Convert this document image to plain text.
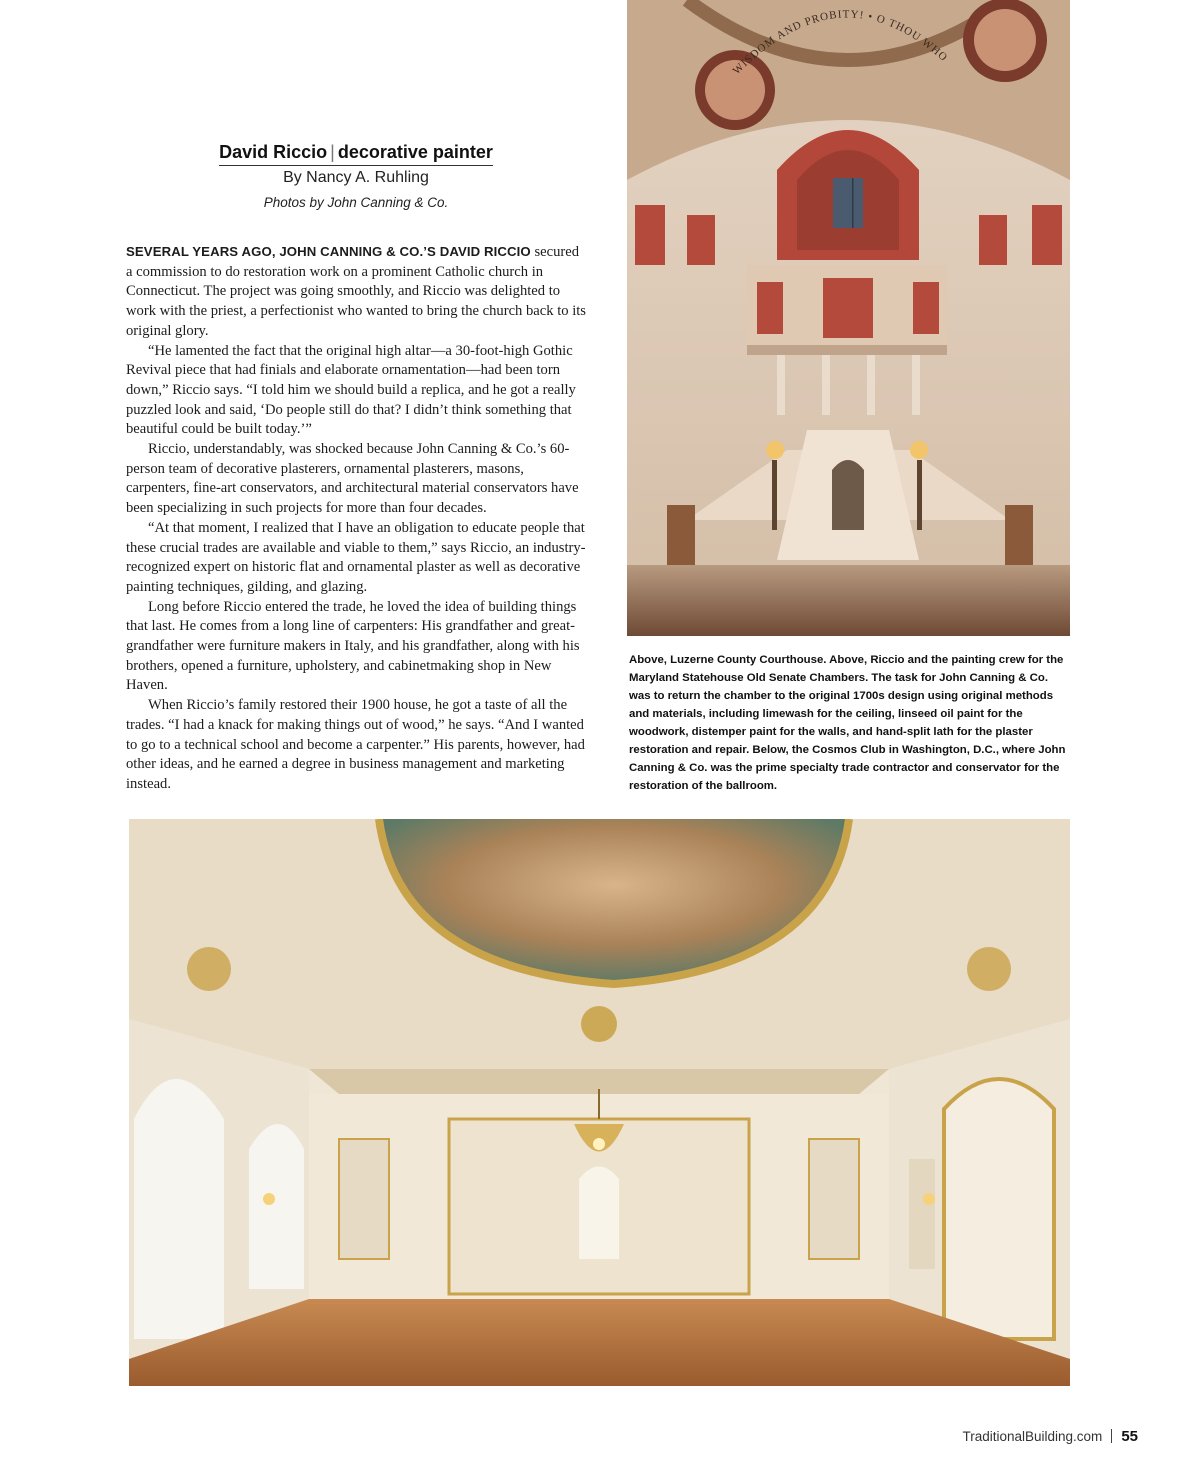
David Riccio | decorative painter
By Nancy A. Ruhling
Photos by John Canning & Co.

SEVERAL YEARS AGO, JOHN CANNING & CO.’S DAVID RICCIO secured a commission to do restoration work on a prominent Catholic church in Connecticut. The project was going smoothly, and Riccio was delighted to work with the priest, a perfectionist who wanted to bring the church back to its original glory.

“He lamented the fact that the original high altar—a 30-foot-high Gothic Revival piece that had finials and elaborate ornamentation—had been torn down,” Riccio says. “I told him we should build a replica, and he got a really puzzled look and said, ‘Do people still do that? I didn’t think something that beautiful could be built today.’”

Riccio, understandably, was shocked because John Canning & Co.’s 60-person team of decorative plasterers, ornamental plasterers, masons, carpenters, fine-art conservators, and architectural material conservators have been specializing in such projects for more than four decades.

“At that moment, I realized that I have an obligation to educate people that these crucial trades are available and viable to them,” says Riccio, an industry-recognized expert on historic flat and ornamental plaster as well as decorative painting techniques, gilding, and glazing.

Long before Riccio entered the trade, he loved the idea of building things that last. He comes from a long line of carpenters: His grandfather and great-grandfather were furniture makers in Italy, and his grandfather, along with his brothers, opened a furniture, upholstery, and cabinetmaking shop in New Haven.

When Riccio’s family restored their 1900 house, he got a taste of all the trades. “I had a knack for making things out of wood,” he says. “And I wanted to go to a technical school and become a carpenter.” His parents, however, had other ideas, and he earned a degree in business management and marketing instead.

WISDOM AND PROBITY! • O THOU WHO
Above, Luzerne County Courthouse. Above, Riccio and the painting crew for the Maryland Statehouse Old Senate Chambers. The task for John Canning & Co. was to return the chamber to the original 1700s design using original methods and materials, including limewash for the ceiling, linseed oil paint for the woodwork, distemper paint for the walls, and hand-split lath for the plaster restoration and repair. Below, the Cosmos Club in Washington, D.C., where John Canning & Co. was the prime specialty trade contractor and conservator for the restoration of the ballroom.
TraditionalBuilding.com 55
